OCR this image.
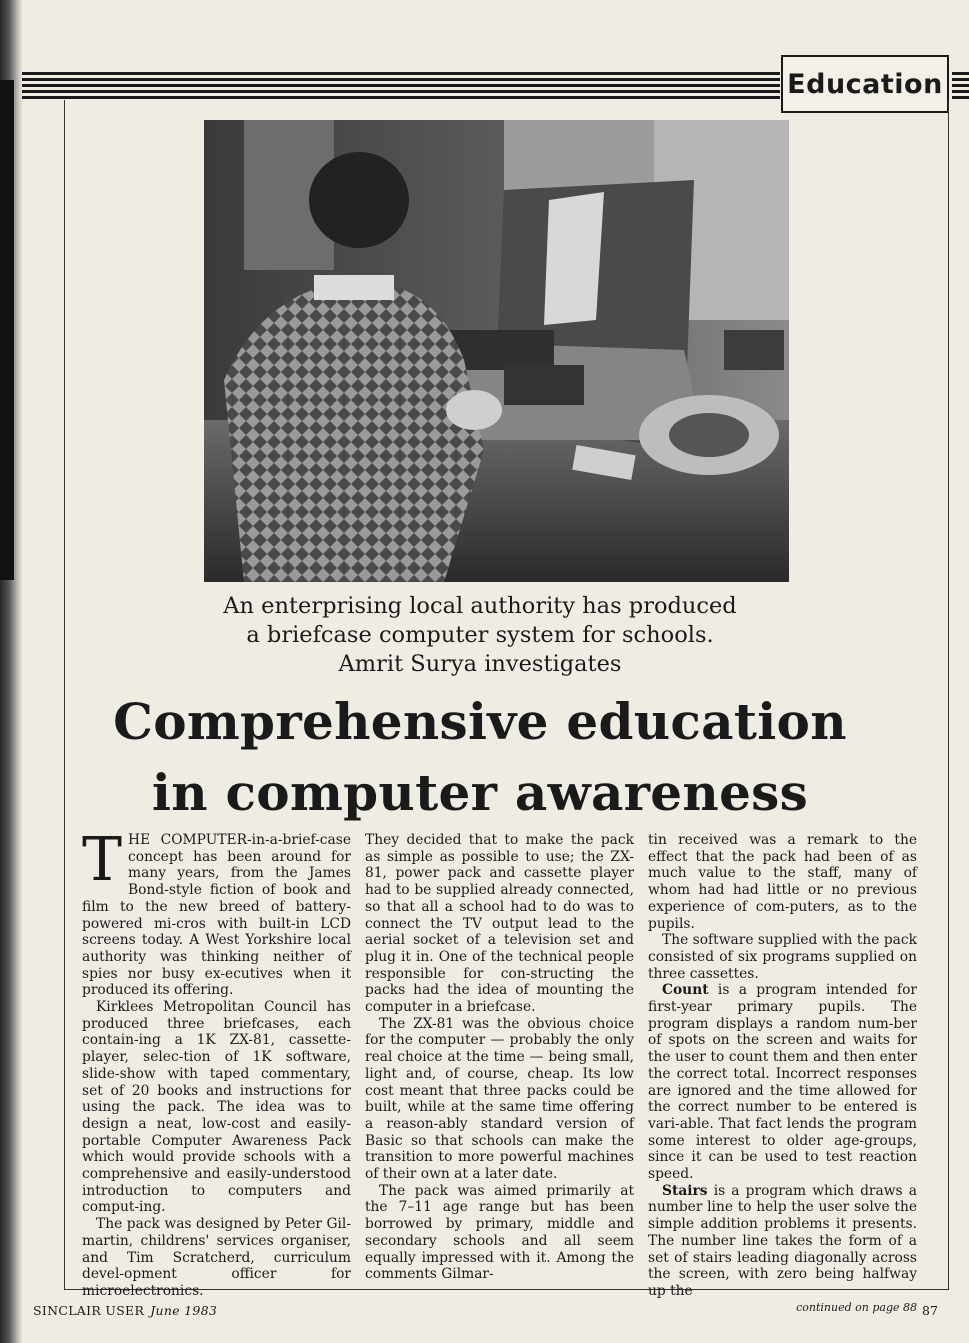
Education
An enterprising local authority has produced
a briefcase computer system for schools.
Amrit Surya investigates
Comprehensive education
in computer awareness

THE COMPUTER-in-a-brief-case concept has been around for many years, from the James Bond-style fiction of book and film to the new breed of battery-powered mi-cros with built-in LCD screens today. A West Yorkshire local authority was thinking neither of spies nor busy ex-ecutives when it produced its offering.

Kirklees Metropolitan Council has produced three briefcases, each contain-ing a 1K ZX-81, cassette-player, selec-tion of 1K software, slide-show with taped commentary, set of 20 books and instructions for using the pack. The idea was to design a neat, low-cost and easily-portable Computer Awareness Pack which would provide schools with a comprehensive and easily-understood introduction to computers and comput-ing.

The pack was designed by Peter Gil-martin, childrens' services organiser, and Tim Scratcherd, curriculum devel-opment officer for microelectronics.

They decided that to make the pack as simple as possible to use; the ZX-81, power pack and cassette player had to be supplied already connected, so that all a school had to do was to connect the TV output lead to the aerial socket of a television set and plug it in. One of the technical people responsible for con-structing the packs had the idea of mounting the computer in a briefcase.

The ZX-81 was the obvious choice for the computer — probably the only real choice at the time — being small, light and, of course, cheap. Its low cost meant that three packs could be built, while at the same time offering a reason-ably standard version of Basic so that schools can make the transition to more powerful machines of their own at a later date.

The pack was aimed primarily at the 7–11 age range but has been borrowed by primary, middle and secondary schools and all seem equally impressed with it. Among the comments Gilmar-

tin received was a remark to the effect that the pack had been of as much value to the staff, many of whom had had little or no previous experience of com-puters, as to the pupils.

The software supplied with the pack consisted of six programs supplied on three cassettes.

Count is a program intended for first-year primary pupils. The program displays a random num-ber of spots on the screen and waits for the user to count them and then enter the correct total. Incorrect responses are ignored and the time allowed for the correct number to be entered is vari-able. That fact lends the program some interest to older age-groups, since it can be used to test reaction speed.

Stairs is a program which draws a number line to help the user solve the simple addition problems it presents. The number line takes the form of a set of stairs leading diagonally across the screen, with zero being halfway up the

continued on page 88
SINCLAIR USER June 1983	87
